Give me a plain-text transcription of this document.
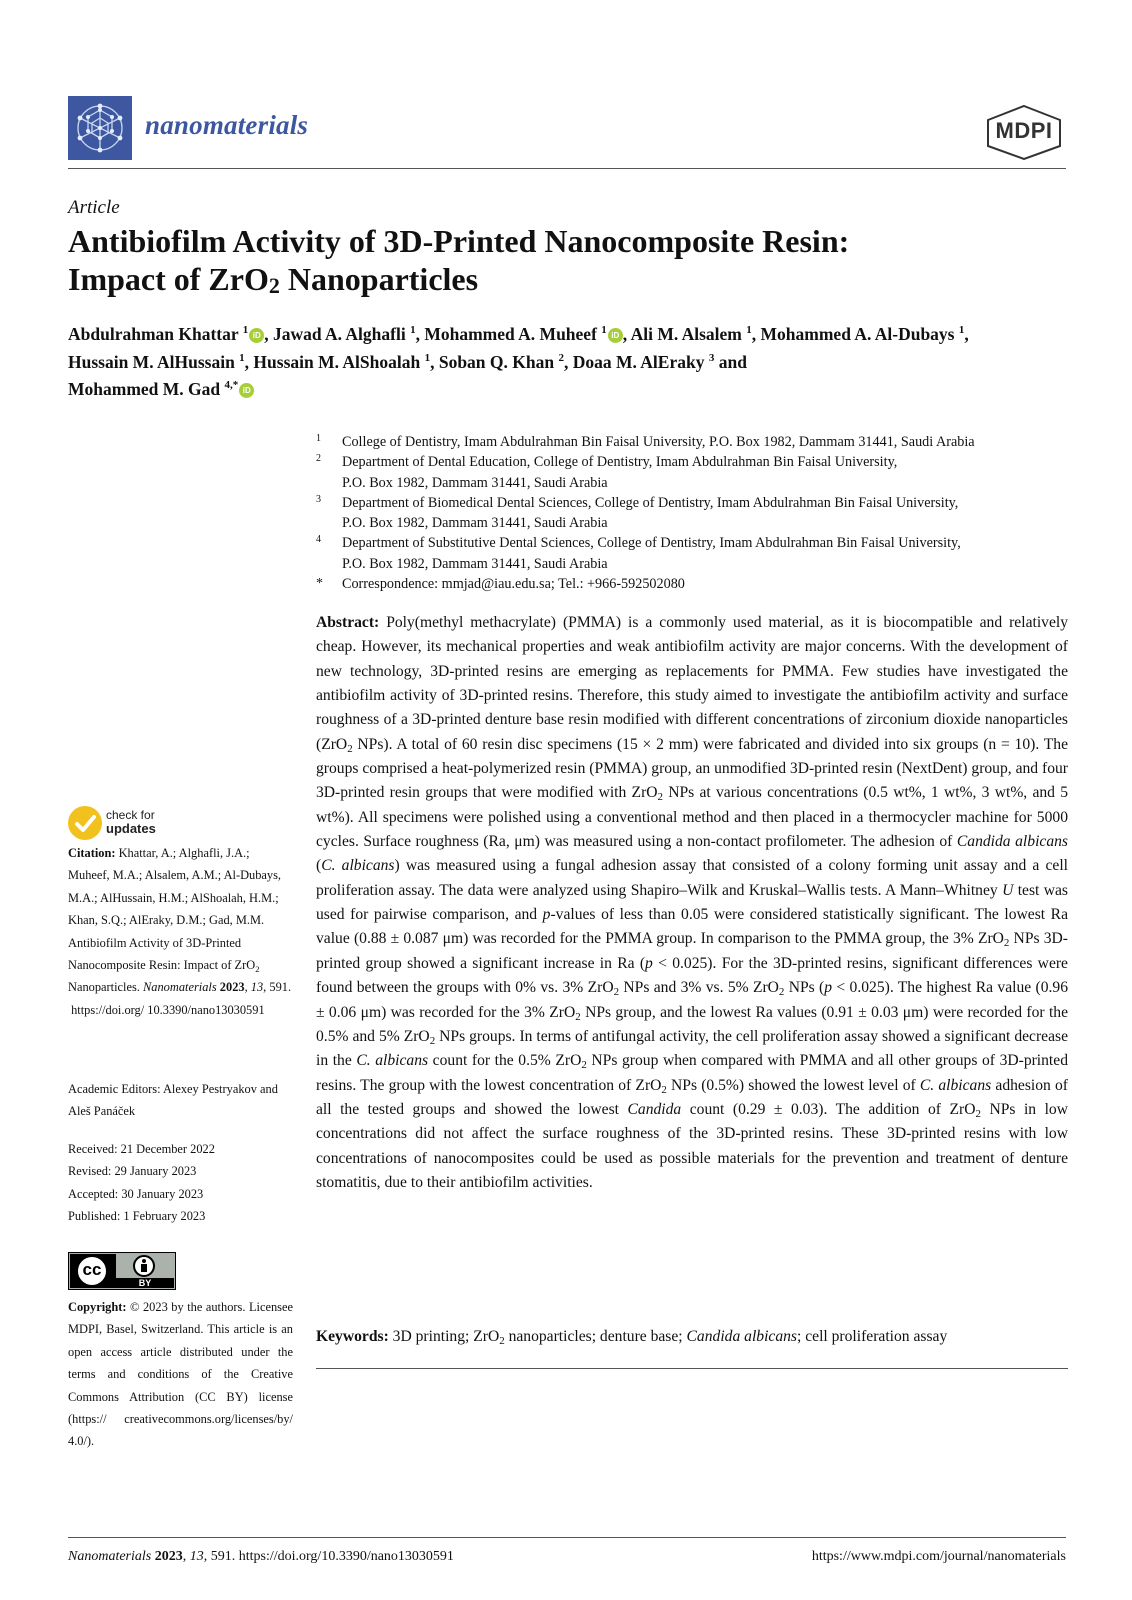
nanomaterials	MDPI
Article
Antibiofilm Activity of 3D-Printed Nanocomposite Resin:
Impact of ZrO$_2$ Nanoparticles
Abdulrahman Khattar $^1$ iD , Jawad A. Alghafli $^1$, Mohammed A. Muheef $^1$ iD , Ali M. Alsalem $^1$, Mohammed A. Al-Dubays $^1$,
Hussain M. AlHussain $^1$, Hussain M. AlShoalah $^1$, Soban Q. Khan $^2$, Doaa M. AlEraky $^3$ and
Mohammed M. Gad $^{4,*}$ iD
1	College of Dentistry, Imam Abdulrahman Bin Faisal University, P.O. Box 1982, Dammam 31441, Saudi Arabia
2	Department of Dental Education, College of Dentistry, Imam Abdulrahman Bin Faisal University,
P.O. Box 1982, Dammam 31441, Saudi Arabia
3	Department of Biomedical Dental Sciences, College of Dentistry, Imam Abdulrahman Bin Faisal University,
P.O. Box 1982, Dammam 31441, Saudi Arabia
4	Department of Substitutive Dental Sciences, College of Dentistry, Imam Abdulrahman Bin Faisal University,
P.O. Box 1982, Dammam 31441, Saudi Arabia
*	Correspondence: mmjad@iau.edu.sa; Tel.: +966-592502080
Abstract: Poly(methyl methacrylate) (PMMA) is a commonly used material, as it is biocompatible and relatively cheap. However, its mechanical properties and weak antibiofilm activity are major concerns. With the development of new technology, 3D-printed resins are emerging as replacements for PMMA. Few studies have investigated the antibiofilm activity of 3D-printed resins. Therefore, this study aimed to investigate the antibiofilm activity and surface roughness of a 3D-printed denture base resin modified with different concentrations of zirconium dioxide nanoparticles (ZrO$_2$ NPs). A total of 60 resin disc specimens (15 × 2 mm) were fabricated and divided into six groups (n = 10). The groups comprised a heat-polymerized resin (PMMA) group, an unmodified 3D-printed resin (NextDent) group, and four 3D-printed resin groups that were modified with ZrO$_2$ NPs at various concentrations (0.5 wt%, 1 wt%, 3 wt%, and 5 wt%). All specimens were polished using a conventional method and then placed in a thermocycler machine for 5000 cycles. Surface roughness (Ra, μm) was measured using a non-contact profilometer. The adhesion of Candida albicans (C. albicans) was measured using a fungal adhesion assay that consisted of a colony forming unit assay and a cell proliferation assay. The data were analyzed using Shapiro–Wilk and Kruskal–Wallis tests. A Mann–Whitney U test was used for pairwise comparison, and p-values of less than 0.05 were considered statistically significant. The lowest Ra value (0.88 ± 0.087 μm) was recorded for the PMMA group. In comparison to the PMMA group, the 3% ZrO$_2$ NPs 3D-printed group showed a significant increase in Ra (p < 0.025). For the 3D-printed resins, significant differences were found between the groups with 0% vs. 3% ZrO$_2$ NPs and 3% vs. 5% ZrO$_2$ NPs (p < 0.025). The highest Ra value (0.96 ± 0.06 μm) was recorded for the 3% ZrO$_2$ NPs group, and the lowest Ra values (0.91 ± 0.03 μm) were recorded for the 0.5% and 5% ZrO$_2$ NPs groups. In terms of antifungal activity, the cell proliferation assay showed a significant decrease in the C. albicans count for the 0.5% ZrO$_2$ NPs group when compared with PMMA and all other groups of 3D-printed resins. The group with the lowest concentration of ZrO$_2$ NPs (0.5%) showed the lowest level of C. albicans adhesion of all the tested groups and showed the lowest Candida count (0.29 ± 0.03). The addition of ZrO$_2$ NPs in low concentrations did not affect the surface roughness of the 3D-printed resins. These 3D-printed resins with low concentrations of nanocomposites could be used as possible materials for the prevention and treatment of denture stomatitis, due to their antibiofilm activities.
Keywords: 3D printing; ZrO$_2$ nanoparticles; denture base; Candida albicans; cell proliferation assay
check for
updates
Citation: Khattar, A.; Alghafli, J.A.; Muheef, M.A.; Alsalem, A.M.; Al-Dubays, M.A.; AlHussain, H.M.; AlShoalah, H.M.; Khan, S.Q.; AlEraky, D.M.; Gad, M.M. Antibiofilm Activity of 3D-Printed Nanocomposite Resin: Impact of ZrO$_2$ Nanoparticles. Nanomaterials 2023, 13, 591.  https://doi.org/ 10.3390/nano13030591
Academic Editors: Alexey Pestryakov and Aleš Panáček
Received: 21 December 2022
Revised: 29 January 2023
Accepted: 30 January 2023
Published: 1 February 2023
cc
BY
Copyright: © 2023 by the authors. Licensee MDPI, Basel, Switzerland. This article is an open access article distributed under the terms and conditions of the Creative Commons Attribution (CC BY) license (https:// creativecommons.org/licenses/by/ 4.0/).
Nanomaterials 2023, 13, 591. https://doi.org/10.3390/nano13030591	https://www.mdpi.com/journal/nanomaterials
